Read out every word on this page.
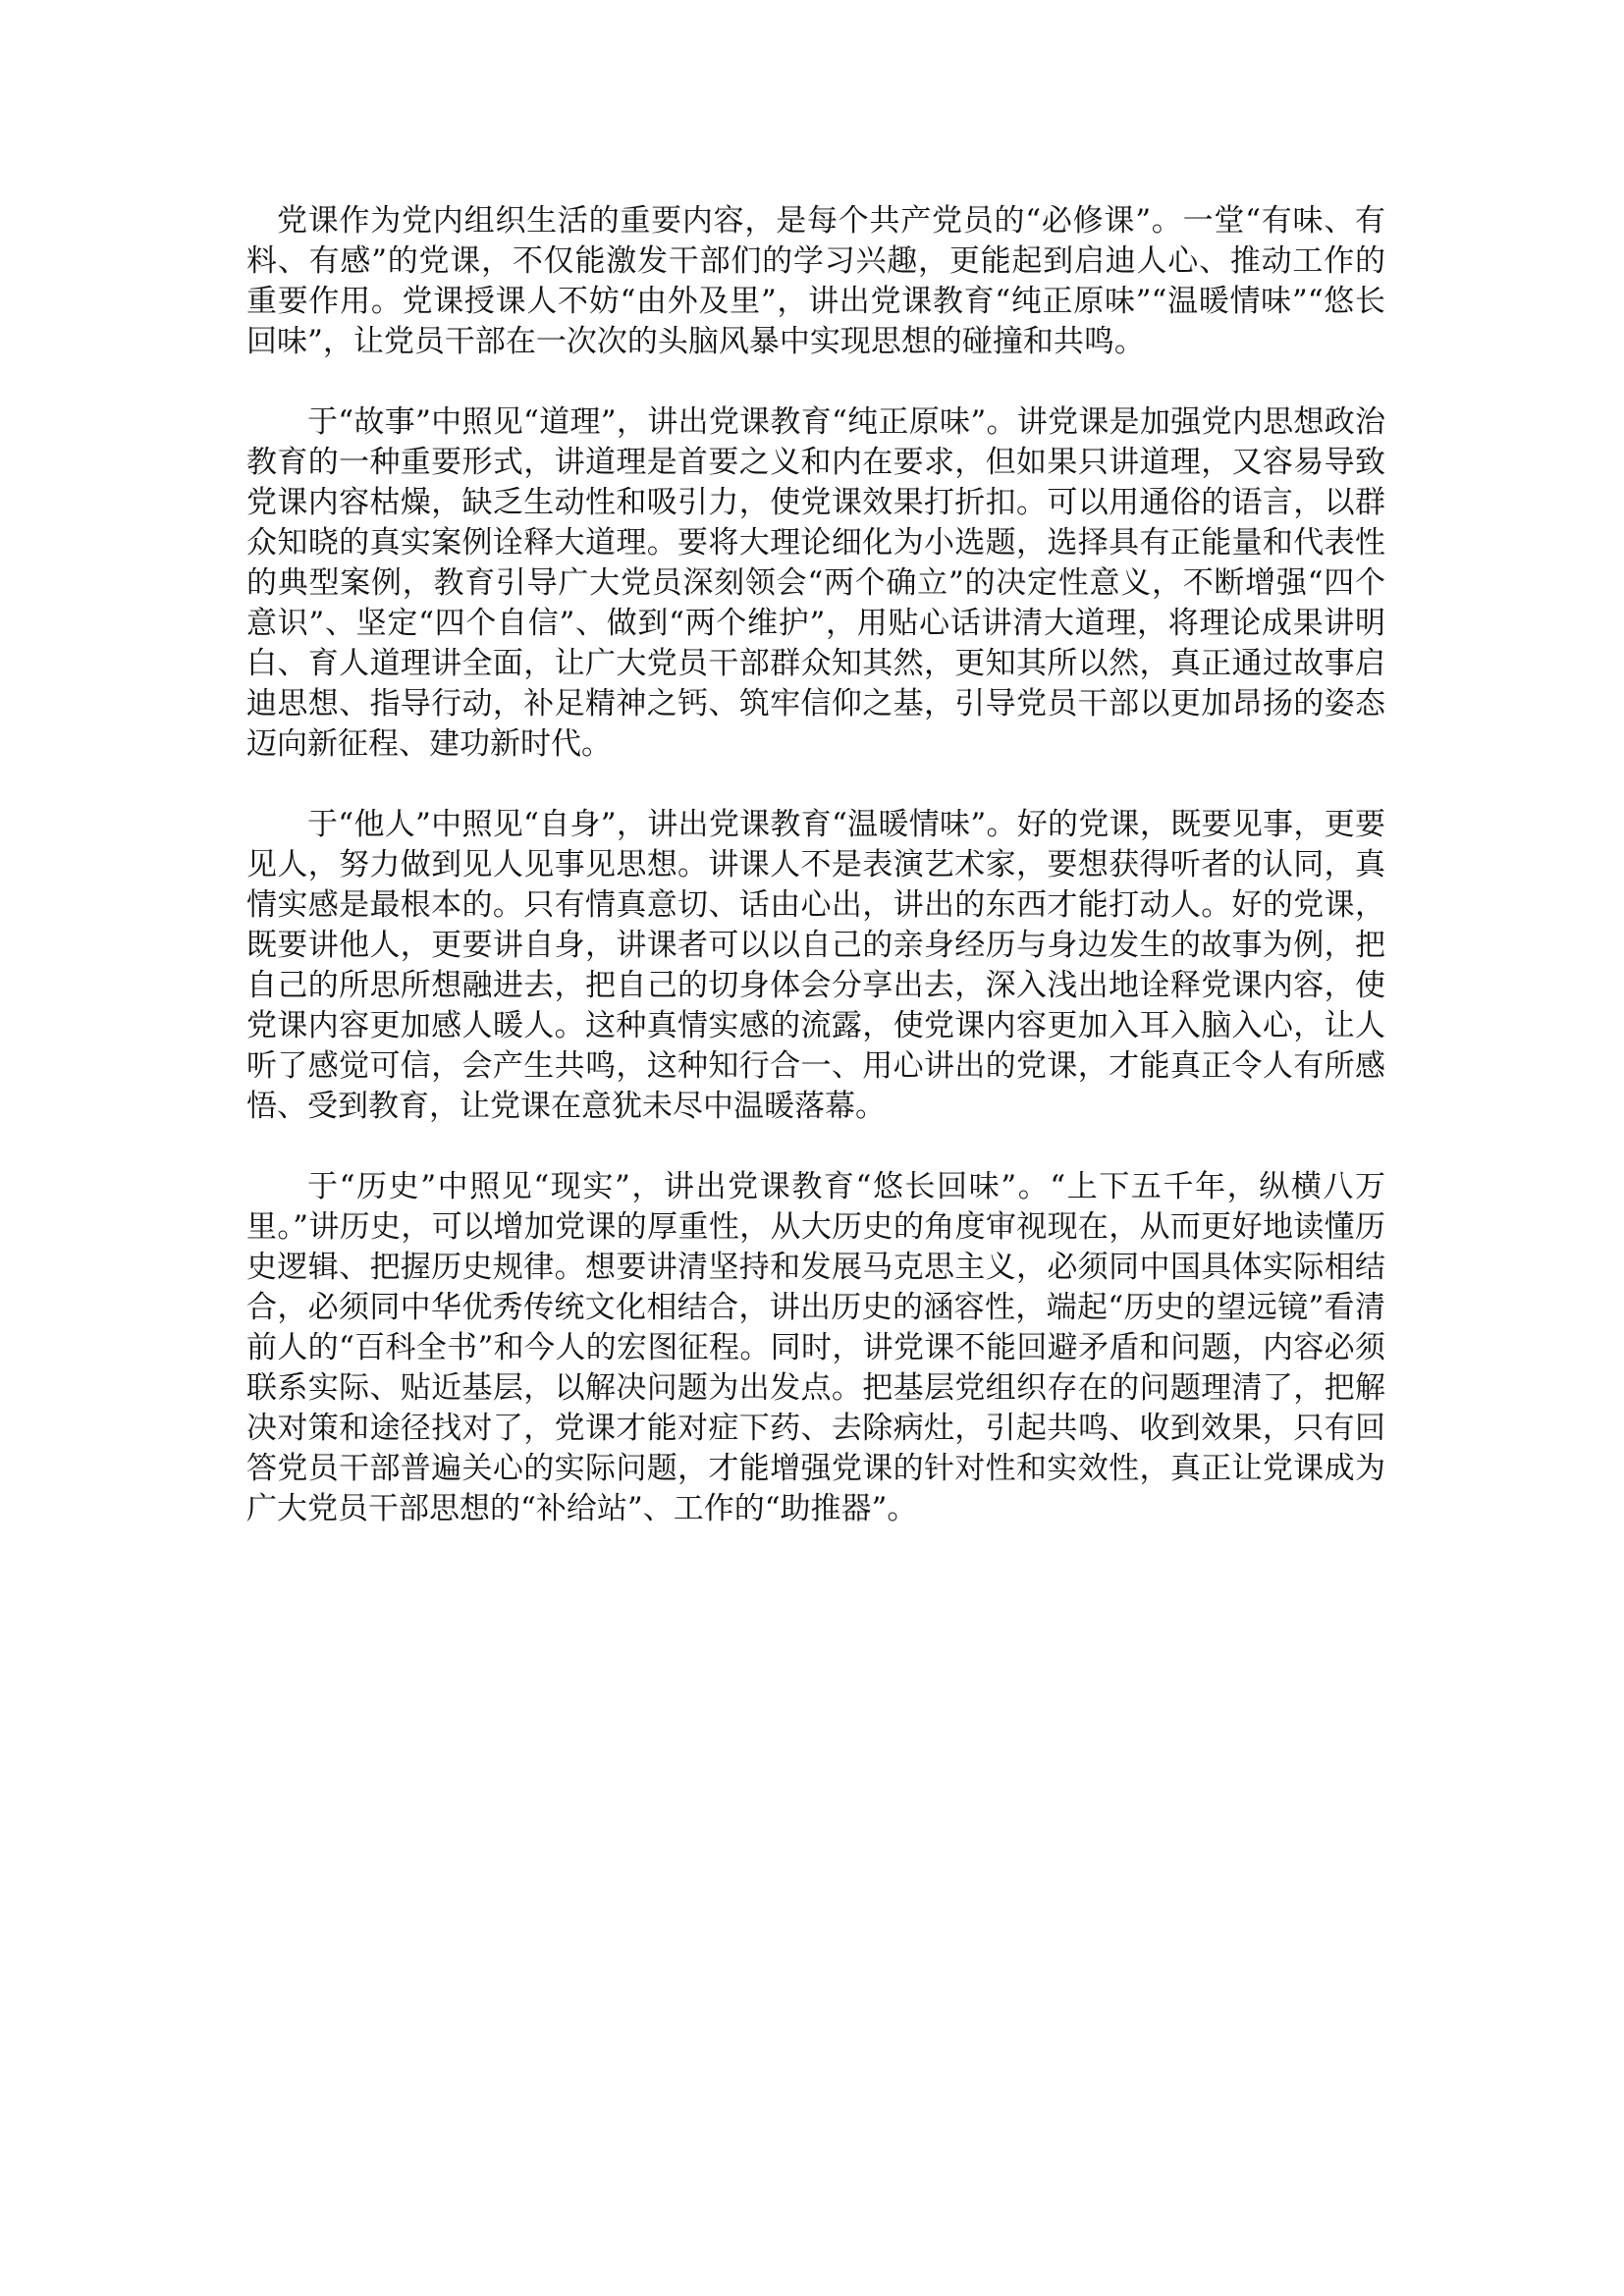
党课作为党内组织生活的重要内容，是每个共产党员的“必修课”。一堂“有味、有料、有感”的党课，不仅能激发干部们的学习兴趣，更能起到启迪人心、推动工作的重要作用。党课授课人不妨“由外及里”，讲出党课教育“纯正原味”“温暖情味”“悠长回味”，让党员干部在一次次的头脑风暴中实现思想的碰撞和共鸣。

于“故事”中照见“道理”，讲出党课教育“纯正原味”。讲党课是加强党内思想政治教育的一种重要形式，讲道理是首要之义和内在要求，但如果只讲道理，又容易导致党课内容枯燥，缺乏生动性和吸引力，使党课效果打折扣。可以用通俗的语言，以群众知晓的真实案例诠释大道理。要将大理论细化为小选题，选择具有正能量和代表性的典型案例，教育引导广大党员深刻领会“两个确立”的决定性意义，不断增强“四个意识”、坚定“四个自信”、做到“两个维护”，用贴心话讲清大道理，将理论成果讲明白、育人道理讲全面，让广大党员干部群众知其然，更知其所以然，真正通过故事启迪思想、指导行动，补足精神之钙、筑牢信仰之基，引导党员干部以更加昂扬的姿态迈向新征程、建功新时代。

于“他人”中照见“自身”，讲出党课教育“温暖情味”。好的党课，既要见事，更要见人，努力做到见人见事见思想。讲课人不是表演艺术家，要想获得听者的认同，真情实感是最根本的。只有情真意切、话由心出，讲出的东西才能打动人。好的党课，既要讲他人，更要讲自身，讲课者可以以自己的亲身经历与身边发生的故事为例，把自己的所思所想融进去，把自己的切身体会分享出去，深入浅出地诠释党课内容，使党课内容更加感人暖人。这种真情实感的流露，使党课内容更加入耳入脑入心，让人听了感觉可信，会产生共鸣，这种知行合一、用心讲出的党课，才能真正令人有所感悟、受到教育，让党课在意犹未尽中温暖落幕。

于“历史”中照见“现实”，讲出党课教育“悠长回味”。“上下五千年，纵横八万里。”讲历史，可以增加党课的厚重性，从大历史的角度审视现在，从而更好地读懂历史逻辑、把握历史规律。想要讲清坚持和发展马克思主义，必须同中国具体实际相结合，必须同中华优秀传统文化相结合，讲出历史的涵容性，端起“历史的望远镜”看清前人的“百科全书”和今人的宏图征程。同时，讲党课不能回避矛盾和问题，内容必须联系实际、贴近基层，以解决问题为出发点。把基层党组织存在的问题理清了，把解决对策和途径找对了，党课才能对症下药、去除病灶，引起共鸣、收到效果，只有回答党员干部普遍关心的实际问题，才能增强党课的针对性和实效性，真正让党课成为广大党员干部思想的“补给站”、工作的“助推器”。
